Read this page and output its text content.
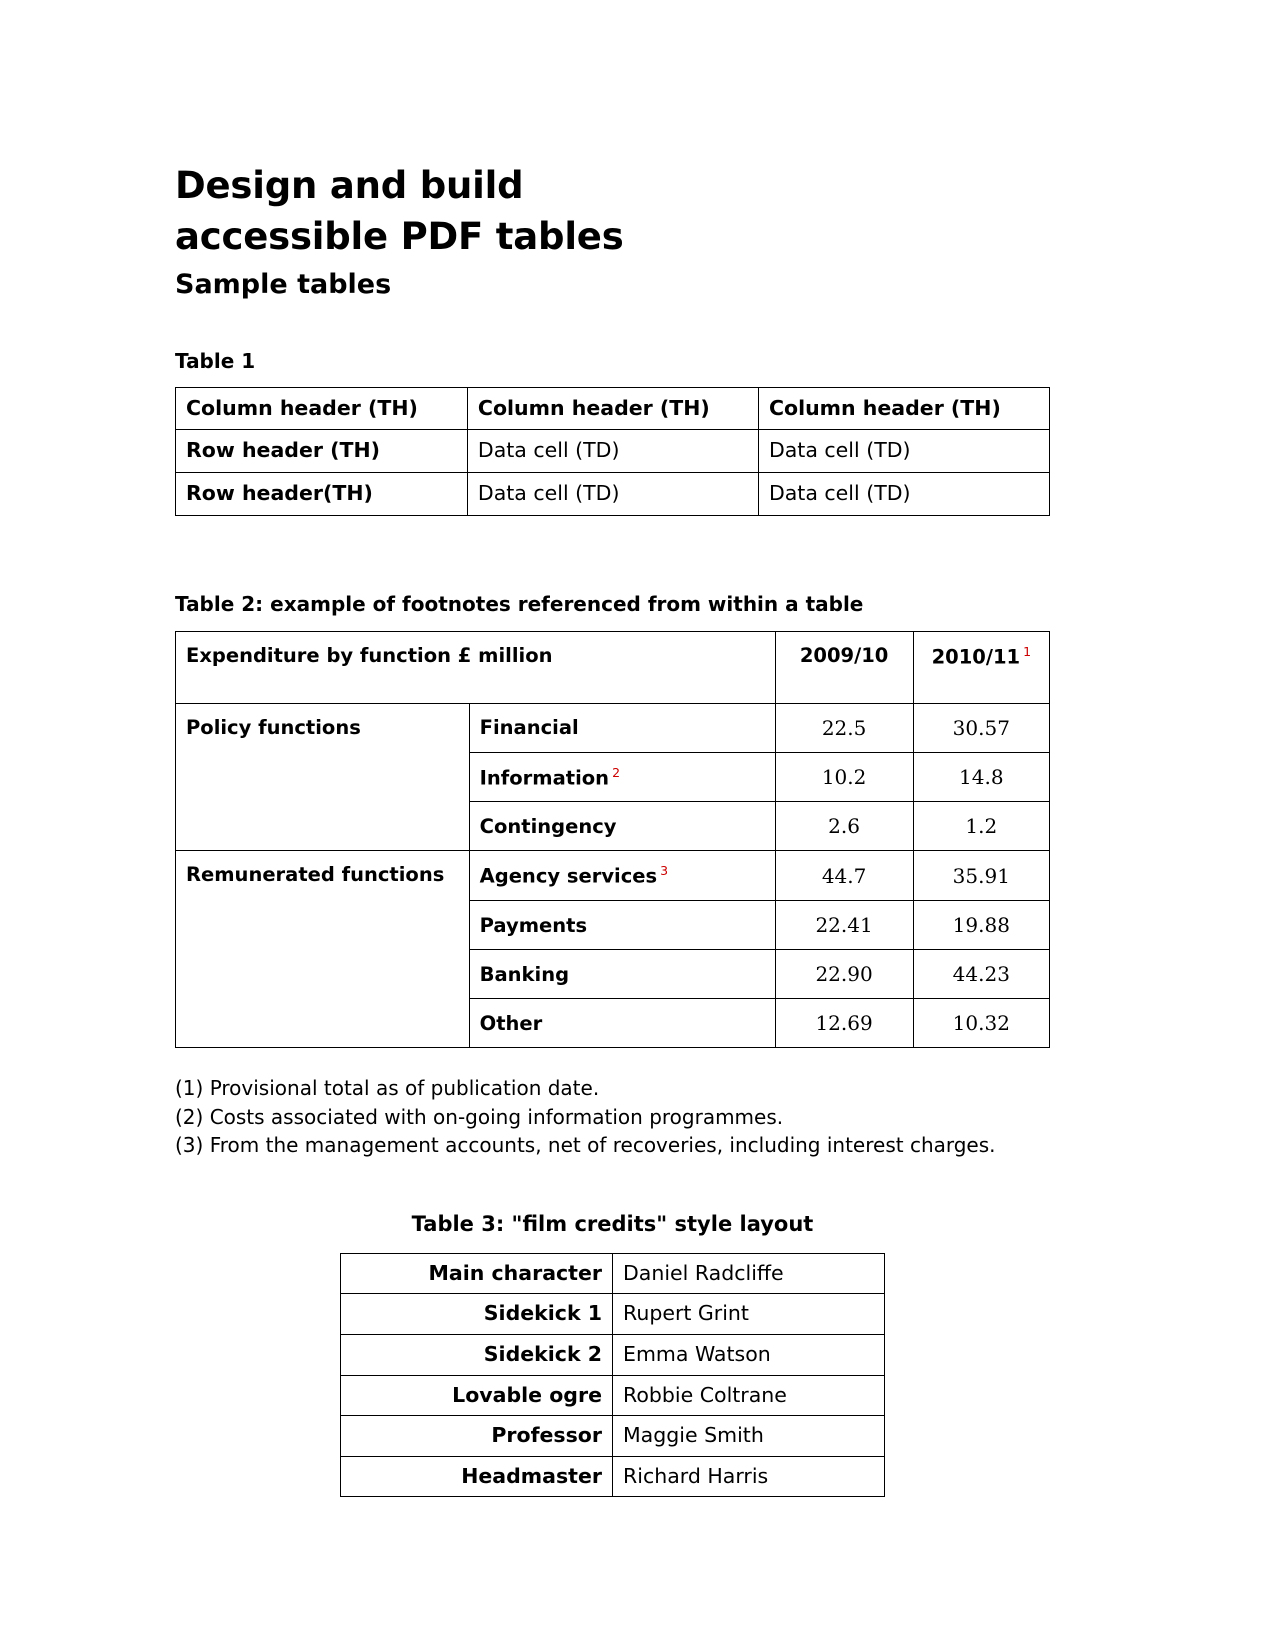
Design and build
accessible PDF tables
Sample tables

Table 1

Column header (TH)	Column header (TH)	Column header (TH)
Row header (TH)	Data cell (TD)	Data cell (TD)
Row header(TH)	Data cell (TD)	Data cell (TD)

Table 2: example of footnotes referenced from within a table

Expenditure by function £ million		2009/10	2010/11 $^1$
Policy functions	Financial	22.5	30.57
	Information $^2$	10.2	14.8
	Contingency	2.6	1.2
Remunerated functions	Agency services $^3$	44.7	35.91
	Payments	22.41	19.88
	Banking	22.90	44.23
	Other	12.69	10.32
(1) Provisional total as of publication date.
(2) Costs associated with on-going information programmes.
(3) From the management accounts, net of recoveries, including interest charges.

Table 3: "film credits" style layout

Main character	Daniel Radcliffe
Sidekick 1	Rupert Grint
Sidekick 2	Emma Watson
Lovable ogre	Robbie Coltrane
Professor	Maggie Smith
Headmaster	Richard Harris
